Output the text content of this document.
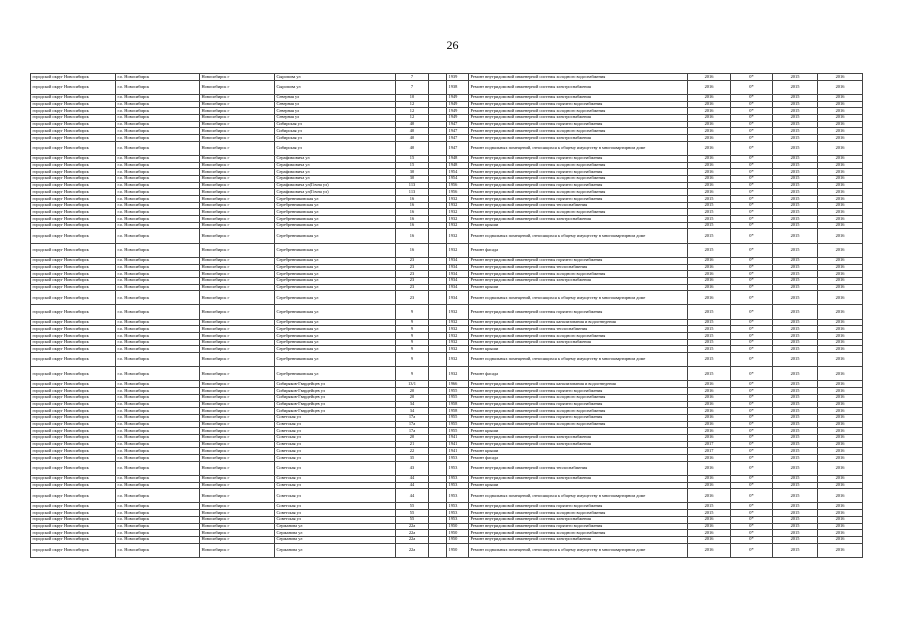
26
городской округ Новосибирск	г.о. Новосибирск	Новосибирск г	Сыропова ул	7		1939	Ремонт внутридомовой инженерной системы холодного водоснабжения	2016	0*	2015	2016
городской округ Новосибирск	г.о. Новосибирск	Новосибирск г	Сыропова ул	7		1938	Ремонт внутридомовой инженерной системы электроснабжения	2016	0*	2015	2016
городской округ Новосибирск	г.о. Новосибирск	Новосибирск г	Северная ул	10		1949	Ремонт внутридомовой инженерной системы электроснабжения	2016	0*	2015	2016
городской округ Новосибирск	г.о. Новосибирск	Новосибирск г	Северная ул	12		1949	Ремонт внутридомовой инженерной системы горячего водоснабжения	2016	0*	2015	2016
городской округ Новосибирск	г.о. Новосибирск	Новосибирск г	Северная ул	12		1949	Ремонт внутридомовой инженерной системы холодного водоснабжения	2016	0*	2015	2016
городской округ Новосибирск	г.о. Новосибирск	Новосибирск г	Северная ул	12		1949	Ремонт внутридомовой инженерной системы электроснабжения	2016	0*	2015	2016
городской округ Новосибирск	г.о. Новосибирск	Новосибирск г	Сибирская ул	40		1947	Ремонт внутридомовой инженерной системы горячего водоснабжения	2016	0*	2015	2016
городской округ Новосибирск	г.о. Новосибирск	Новосибирск г	Сибирская ул	40		1947	Ремонт внутридомовой инженерной системы холодного водоснабжения	2016	0*	2015	2016
городской округ Новосибирск	г.о. Новосибирск	Новосибирск г	Сибирская ул	40		1947	Ремонт внутридомовой инженерной системы электроснабжения	2016	0*	2015	2016
городской округ Новосибирск	г.о. Новосибирск	Новосибирск г	Сибирская ул	40		1947	Ремонт подвальных помещений, относящихся к общему имуществу в многоквартирном доме	2016	0*	2015	2016
городской округ Новосибирск	г.о. Новосибирск	Новосибирск г	Серафимовича ул	15		1948	Ремонт внутридомовой инженерной системы горячего водоснабжения	2016	0*	2015	2016
городской округ Новосибирск	г.о. Новосибирск	Новосибирск г	Серафимовича ул	15		1948	Ремонт внутридомовой инженерной системы холодного водоснабжения	2016	0*	2015	2016
городской округ Новосибирск	г.о. Новосибирск	Новосибирск г	Серафимовича ул	30		1954	Ремонт внутридомовой инженерной системы горячего водоснабжения	2016	0*	2015	2016
городской округ Новосибирск	г.о. Новосибирск	Новосибирск г	Серафимовича ул	30		1954	Ремонт внутридомовой инженерной системы холодного водоснабжения	2016	0*	2015	2016
городской округ Новосибирск	г.о. Новосибирск	Новосибирск г	Серафимовича ул(Гочна ул)	113		1956	Ремонт внутридомовой инженерной системы горячего водоснабжения	2016	0*	2015	2016
городской округ Новосибирск	г.о. Новосибирск	Новосибирск г	Серафимовича ул(Гочна ул)	113		1956	Ремонт внутридомовой инженерной системы холодного водоснабжения	2016	0*	2015	2016
городской округ Новосибирск	г.о. Новосибирск	Новосибирск г	Серебренниковская ул	16		1932	Ремонт внутридомовой инженерной системы горячего водоснабжения	2015	0*	2015	2016
городской округ Новосибирск	г.о. Новосибирск	Новосибирск г	Серебренниковская ул	16		1932	Ремонт внутридомовой инженерной системы теплоснабжения	2015	0*	2015	2016
городской округ Новосибирск	г.о. Новосибирск	Новосибирск г	Серебренниковская ул	16		1932	Ремонт внутридомовой инженерной системы холодного водоснабжения	2015	0*	2015	2016
городской округ Новосибирск	г.о. Новосибирск	Новосибирск г	Серебренниковская ул	16		1932	Ремонт внутридомовой инженерной системы электроснабжения	2015	0*	2015	2016
городской округ Новосибирск	г.о. Новосибирск	Новосибирск г	Серебренниковская ул	16		1932	Ремонт крыши	2015	0*	2015	2016
городской округ Новосибирск	г.о. Новосибирск	Новосибирск г	Серебренниковская ул	16		1932	Ремонт подвальных помещений, относящихся к общему имуществу в многоквартирном доме	2015	0*	2015	2016
городской округ Новосибирск	г.о. Новосибирск	Новосибирск г	Серебренниковская ул	16		1932	Ремонт фасада	2015	0*	2015	2016
городской округ Новосибирск	г.о. Новосибирск	Новосибирск г	Серебренниковская ул	23		1934	Ремонт внутридомовой инженерной системы горячего водоснабжения	2016	0*	2015	2016
городской округ Новосибирск	г.о. Новосибирск	Новосибирск г	Серебренниковская ул	23		1934	Ремонт внутридомовой инженерной системы теплоснабжения	2016	0*	2015	2016
городской округ Новосибирск	г.о. Новосибирск	Новосибирск г	Серебренниковская ул	23		1934	Ремонт внутридомовой инженерной системы холодного водоснабжения	2016	0*	2015	2016
городской округ Новосибирск	г.о. Новосибирск	Новосибирск г	Серебренниковская ул	23		1934	Ремонт внутридомовой инженерной системы электроснабжения	2016	0*	2015	2016
городской округ Новосибирск	г.о. Новосибирск	Новосибирск г	Серебренниковская ул	23		1934	Ремонт крыши	2016	0*	2015	2016
городской округ Новосибирск	г.о. Новосибирск	Новосибирск г	Серебренниковская ул	23		1934	Ремонт подвальных помещений, относящихся к общему имуществу в многоквартирном доме	2016	0*	2015	2016
городской округ Новосибирск	г.о. Новосибирск	Новосибирск г	Серебренниковская ул	9		1932	Ремонт внутридомовой инженерной системы горячего водоснабжения	2015	0*	2015	2016
городской округ Новосибирск	г.о. Новосибирск	Новосибирск г	Серебренниковская ул	9		1932	Ремонт внутридомовой инженерной системы канализования и водоотведения	2015	0*	2015	2016
городской округ Новосибирск	г.о. Новосибирск	Новосибирск г	Серебренниковская ул	9		1932	Ремонт внутридомовой инженерной системы теплоснабжения	2015	0*	2015	2016
городской округ Новосибирск	г.о. Новосибирск	Новосибирск г	Серебренниковская ул	9		1932	Ремонт внутридомовой инженерной системы холодного водоснабжения	2015	0*	2015	2016
городской округ Новосибирск	г.о. Новосибирск	Новосибирск г	Серебренниковская ул	9		1932	Ремонт внутридомовой инженерной системы электроснабжения	2015	0*	2015	2016
городской округ Новосибирск	г.о. Новосибирск	Новосибирск г	Серебренниковская ул	9		1932	Ремонт крыши	2015	0*	2015	2016
городской округ Новосибирск	г.о. Новосибирск	Новосибирск г	Серебренниковская ул	9		1932	Ремонт подвальных помещений, относящихся к общему имуществу в многоквартирном доме	2015	0*	2015	2016
городской округ Новосибирск	г.о. Новосибирск	Новосибирск г	Серебренниковская ул	9		1932	Ремонт фасада	2015	0*	2015	2016
городской округ Новосибирск	г.о. Новосибирск	Новосибирск г	Сибиряков-Гвардейцев ул	13/1		1966	Ремонт внутридомовой инженерной системы канализования и водоотведения	2016	0*	2015	2016
городской округ Новосибирск	г.о. Новосибирск	Новосибирск г	Сибиряков-Гвардейцев ул	20		1955	Ремонт внутридомовой инженерной системы горячего водоснабжения	2016	0*	2015	2016
городской округ Новосибирск	г.о. Новосибирск	Новосибирск г	Сибиряков-Гвардейцев ул	20		1955	Ремонт внутридомовой инженерной системы холодного водоснабжения	2016	0*	2015	2016
городской округ Новосибирск	г.о. Новосибирск	Новосибирск г	Сибиряков-Гвардейцев ул	34		1958	Ремонт внутридомовой инженерной системы горячего водоснабжения	2016	0*	2015	2016
городской округ Новосибирск	г.о. Новосибирск	Новосибирск г	Сибиряков-Гвардейцев ул	34		1958	Ремонт внутридомовой инженерной системы холодного водоснабжения	2016	0*	2015	2016
городской округ Новосибирск	г.о. Новосибирск	Новосибирск г	Советская ул	17а		1955	Ремонт внутридомовой инженерной системы горячего водоснабжения	2016	0*	2015	2016
городской округ Новосибирск	г.о. Новосибирск	Новосибирск г	Советская ул	17а		1955	Ремонт внутридомовой инженерной системы холодного водоснабжения	2016	0*	2015	2016
городской округ Новосибирск	г.о. Новосибирск	Новосибирск г	Советская ул	17а		1955	Ремонт крыши	2016	0*	2015	2016
городской округ Новосибирск	г.о. Новосибирск	Новосибирск г	Советская ул	20		1941	Ремонт внутридомовой инженерной системы электроснабжения	2016	0*	2015	2016
городской округ Новосибирск	г.о. Новосибирск	Новосибирск г	Советская ул	21		1941	Ремонт внутридомовой инженерной системы электроснабжения	2017	0*	2015	2016
городской округ Новосибирск	г.о. Новосибирск	Новосибирск г	Советская ул	22		1941	Ремонт крыши	2017	0*	2015	2016
городской округ Новосибирск	г.о. Новосибирск	Новосибирск г	Советская ул	35		1953	Ремонт фасада	2016	0*	2015	2016
городской округ Новосибирск	г.о. Новосибирск	Новосибирск г	Советская ул	43		1953	Ремонт внутридомовой инженерной системы теплоснабжения	2016	0*	2015	2016
городской округ Новосибирск	г.о. Новосибирск	Новосибирск г	Советская ул	44		1953	Ремонт внутридомовой инженерной системы электроснабжения	2016	0*	2015	2016
городской округ Новосибирск	г.о. Новосибирск	Новосибирск г	Советская ул	44		1953	Ремонт крыши	2016	0*	2015	2016
городской округ Новосибирск	г.о. Новосибирск	Новосибирск г	Советская ул	44		1953	Ремонт подвальных помещений, относящихся к общему имуществу в многоквартирном доме	2016	0*	2015	2016
городской округ Новосибирск	г.о. Новосибирск	Новосибирск г	Советская ул	55		1953	Ремонт внутридомовой инженерной системы горячего водоснабжения	2015	0*	2015	2016
городской округ Новосибирск	г.о. Новосибирск	Новосибирск г	Советская ул	55		1953	Ремонт внутридомовой инженерной системы холодного водоснабжения	2015	0*	2015	2016
городской округ Новосибирск	г.о. Новосибирск	Новосибирск г	Советская ул	55		1953	Ремонт внутридомовой инженерной системы электроснабжения	2016	0*	2015	2016
городской округ Новосибирск	г.о. Новосибирск	Новосибирск г	Сержанова ул	22а		1950	Ремонт внутридомовой инженерной системы горячего водоснабжения	2016	0*	2015	2016
городской округ Новосибирск	г.о. Новосибирск	Новосибирск г	Сержанова ул	22а		1950	Ремонт внутридомовой инженерной системы холодного водоснабжения	2016	0*	2015	2016
городской округ Новосибирск	г.о. Новосибирск	Новосибирск г	Сержанова ул	22а		1950	Ремонт внутридомовой инженерной системы электроснабжения	2016	0*	2015	2016
городской округ Новосибирск	г.о. Новосибирск	Новосибирск г	Сержанова ул	22а		1950	Ремонт подвальных помещений, относящихся к общему имуществу в многоквартирном доме	2016	0*	2015	2016
